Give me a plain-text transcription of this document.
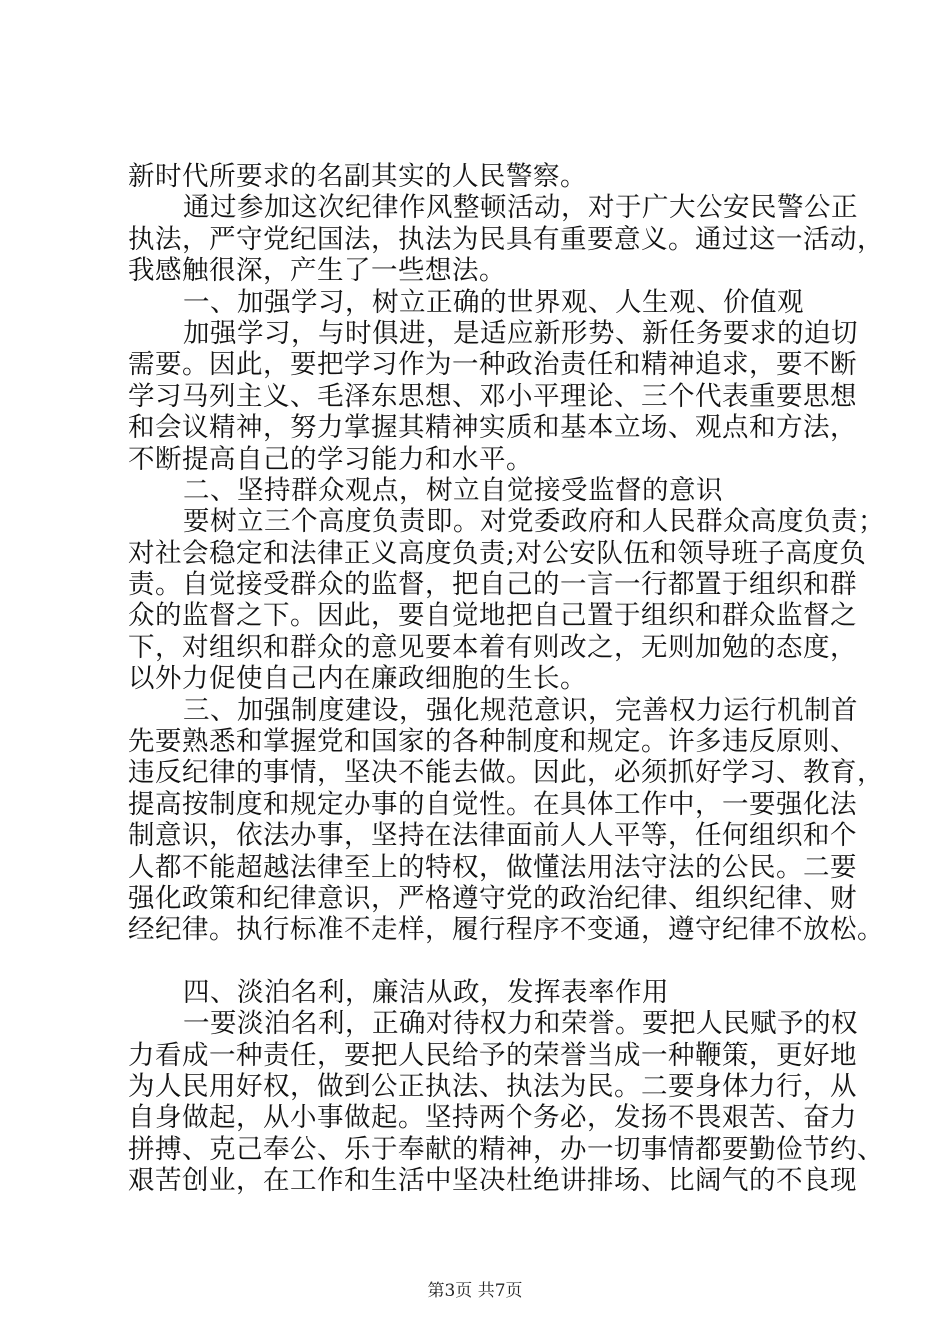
新时代所要求的名副其实的人民警察。
通过参加这次纪律作风整顿活动，对于广大公安民警公正
执法，严守党纪国法，执法为民具有重要意义。通过这一活动，
我感触很深，产生了一些想法。
一、加强学习，树立正确的世界观、人生观、价值观
加强学习，与时俱进，是适应新形势、新任务要求的迫切
需要。因此，要把学习作为一种政治责任和精神追求，要不断
学习马列主义、毛泽东思想、邓小平理论、三个代表重要思想
和会议精神，努力掌握其精神实质和基本立场、观点和方法，
不断提高自己的学习能力和水平。
二、坚持群众观点，树立自觉接受监督的意识
要树立三个高度负责即。对党委政府和人民群众高度负责；
对社会稳定和法律正义高度负责;对公安队伍和领导班子高度负
责。自觉接受群众的监督，把自己的一言一行都置于组织和群
众的监督之下。因此，要自觉地把自己置于组织和群众监督之
下，对组织和群众的意见要本着有则改之，无则加勉的态度，
以外力促使自己内在廉政细胞的生长。
三、加强制度建设，强化规范意识，完善权力运行机制首
先要熟悉和掌握党和国家的各种制度和规定。许多违反原则、
违反纪律的事情，坚决不能去做。因此，必须抓好学习、教育，
提高按制度和规定办事的自觉性。在具体工作中，一要强化法
制意识，依法办事，坚持在法律面前人人平等，任何组织和个
人都不能超越法律至上的特权，做懂法用法守法的公民。二要
强化政策和纪律意识，严格遵守党的政治纪律、组织纪律、财
经纪律。执行标准不走样，履行程序不变通，遵守纪律不放松。
四、淡泊名利，廉洁从政，发挥表率作用
一要淡泊名利，正确对待权力和荣誉。要把人民赋予的权
力看成一种责任，要把人民给予的荣誉当成一种鞭策，更好地
为人民用好权，做到公正执法、执法为民。二要身体力行，从
自身做起，从小事做起。坚持两个务必，发扬不畏艰苦、奋力
拼搏、克己奉公、乐于奉献的精神，办一切事情都要勤俭节约、
艰苦创业，在工作和生活中坚决杜绝讲排场、比阔气的不良现
第3页 共7页
